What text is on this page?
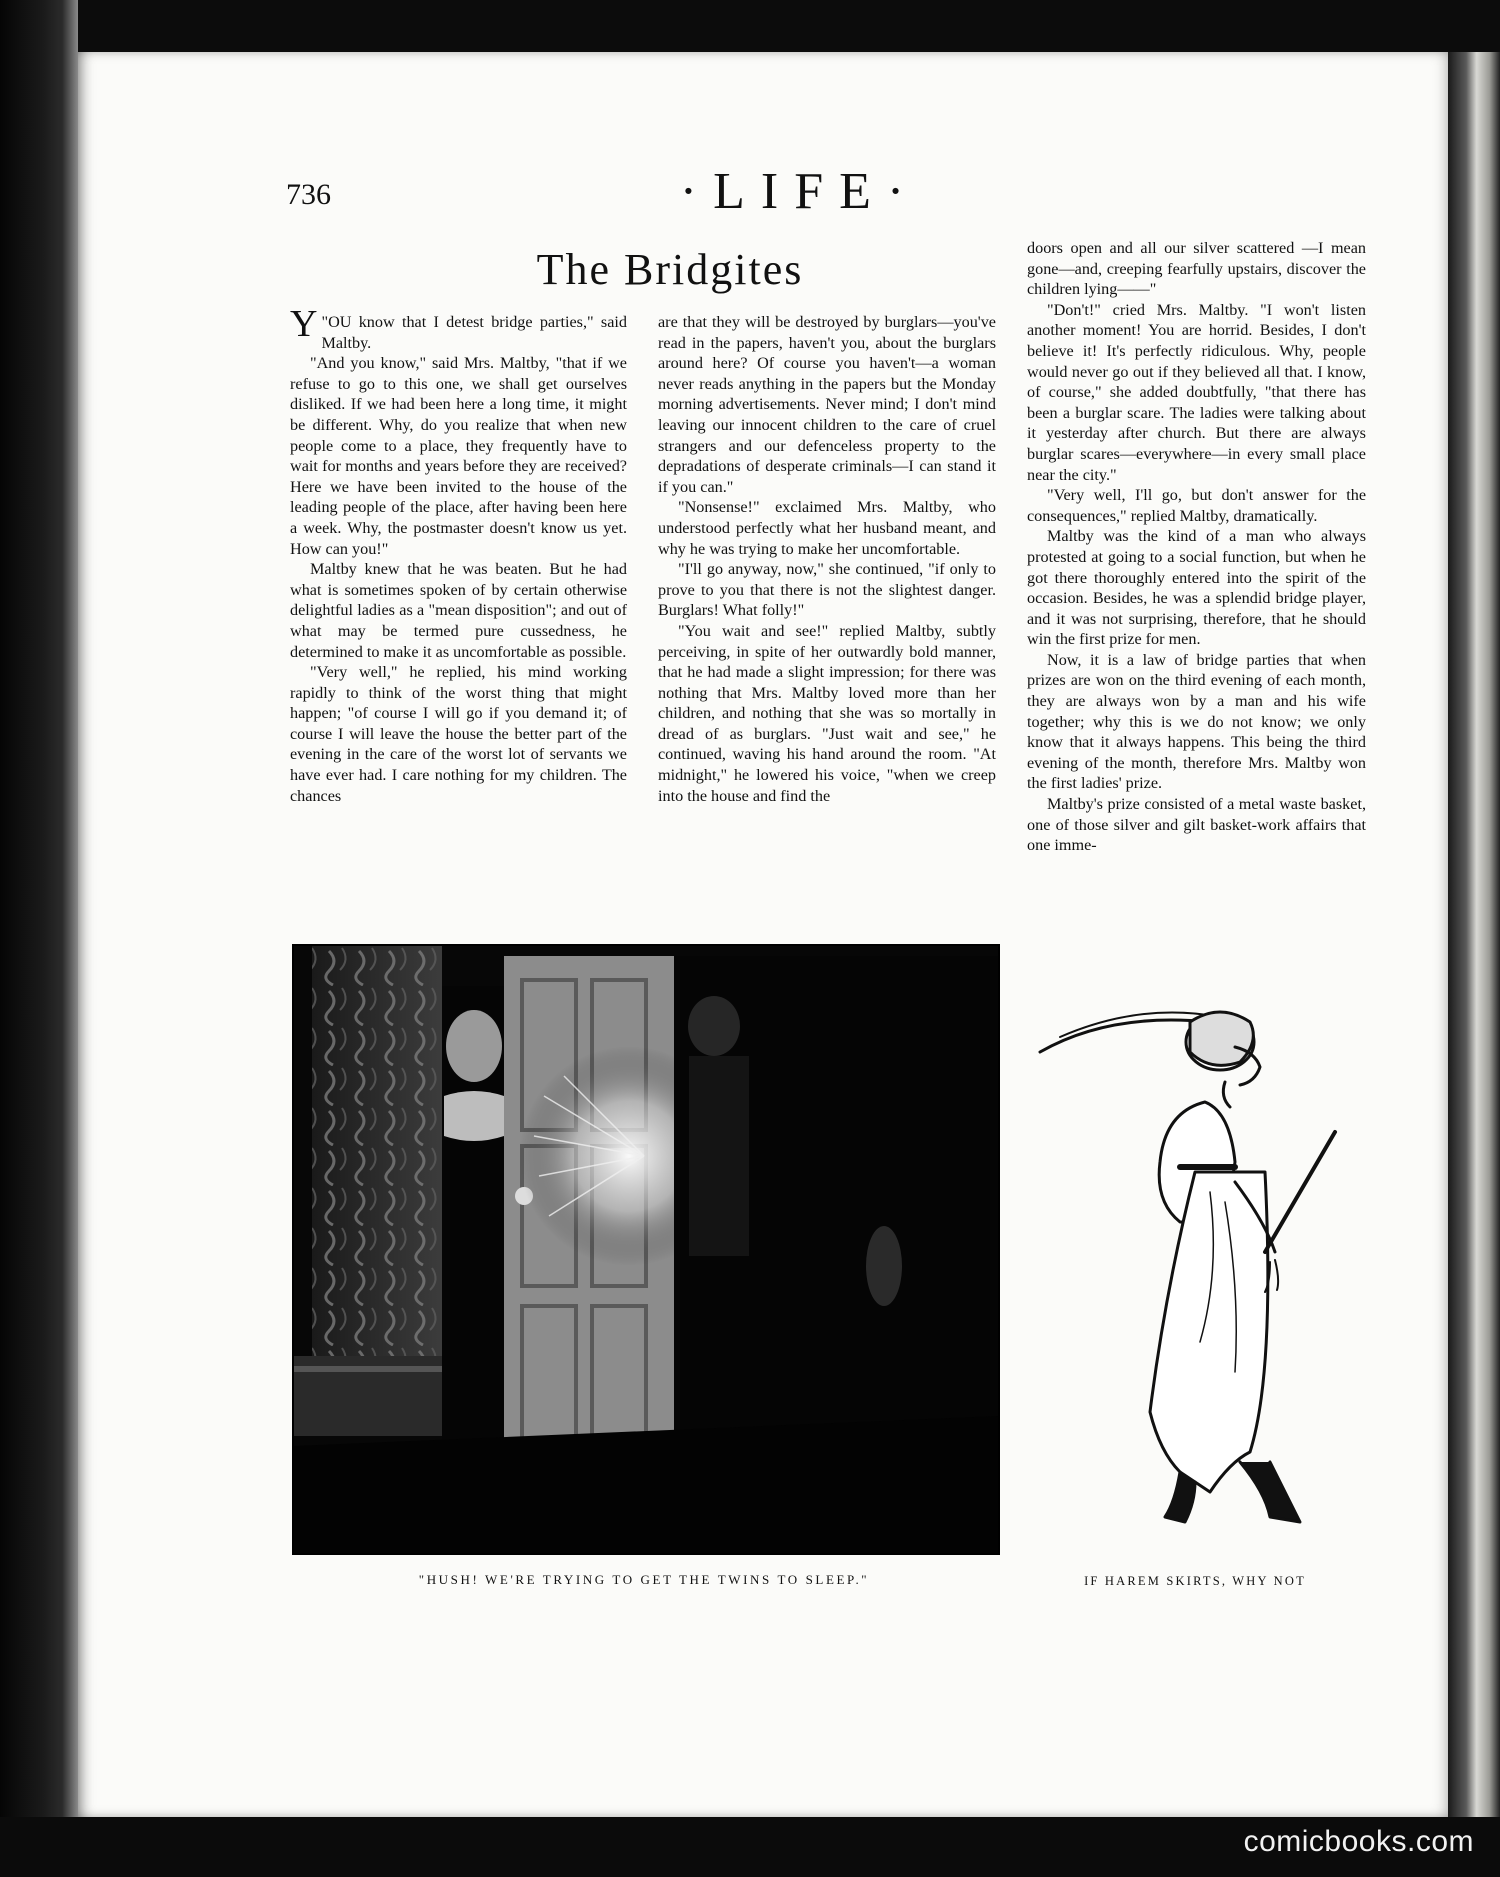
736	·LIFE·
The Bridgites

"
Y OU know that I detest bridge parties," said Maltby.

"And you know," said Mrs. Maltby, "that if we refuse to go to this one, we shall get ourselves disliked. If we had been here a long time, it might be different. Why, do you realize that when new people come to a place, they frequently have to wait for months and years before they are received? Here we have been invited to the house of the leading people of the place, after having been here a week. Why, the postmaster doesn't know us yet. How can you!"

Maltby knew that he was beaten. But he had what is sometimes spoken of by certain otherwise delightful ladies as a "mean disposition"; and out of what may be termed pure cussedness, he determined to make it as uncomfortable as possible.

"Very well," he replied, his mind working rapidly to think of the worst thing that might happen; "of course I will go if you demand it; of course I will leave the house the better part of the evening in the care of the worst lot of servants we have ever had. I care nothing for my children. The chances

are that they will be destroyed by burglars—you've read in the papers, haven't you, about the burglars around here? Of course you haven't—a woman never reads anything in the papers but the Monday morning advertisements. Never mind; I don't mind leaving our innocent children to the care of cruel strangers and our defenceless property to the depradations of desperate criminals—I can stand it if you can."

"Nonsense!" exclaimed Mrs. Maltby, who understood perfectly what her husband meant, and why he was trying to make her uncomfortable.

"I'll go anyway, now," she continued, "if only to prove to you that there is not the slightest danger. Burglars! What folly!"

"You wait and see!" replied Maltby, subtly perceiving, in spite of her outwardly bold manner, that he had made a slight impression; for there was nothing that Mrs. Maltby loved more than her children, and nothing that she was so mortally in dread of as burglars. "Just wait and see," he continued, waving his hand around the room. "At midnight," he lowered his voice, "when we creep into the house and find the

doors open and all our silver scattered —I mean gone—and, creeping fearfully upstairs, discover the children lying——"

"Don't!" cried Mrs. Maltby. "I won't listen another moment! You are horrid. Besides, I don't believe it! It's perfectly ridiculous. Why, people would never go out if they believed all that. I know, of course," she added doubtfully, "that there has been a burglar scare. The ladies were talking about it yesterday after church. But there are always burglar scares—everywhere—in every small place near the city."

"Very well, I'll go, but don't answer for the consequences," replied Maltby, dramatically.

Maltby was the kind of a man who always protested at going to a social function, but when he got there thoroughly entered into the spirit of the occasion. Besides, he was a splendid bridge player, and it was not surprising, therefore, that he should win the first prize for men.

Now, it is a law of bridge parties that when prizes are won on the third evening of each month, they are always won by a man and his wife together; why this is we do not know; we only know that it always happens. This being the third evening of the month, therefore Mrs. Maltby won the first ladies' prize.

Maltby's prize consisted of a metal waste basket, one of those silver and gilt basket-work affairs that one imme-

"HUSH! WE'RE TRYING TO GET THE TWINS TO SLEEP."	IF HAREM SKIRTS, WHY NOT
comicbooks.com
